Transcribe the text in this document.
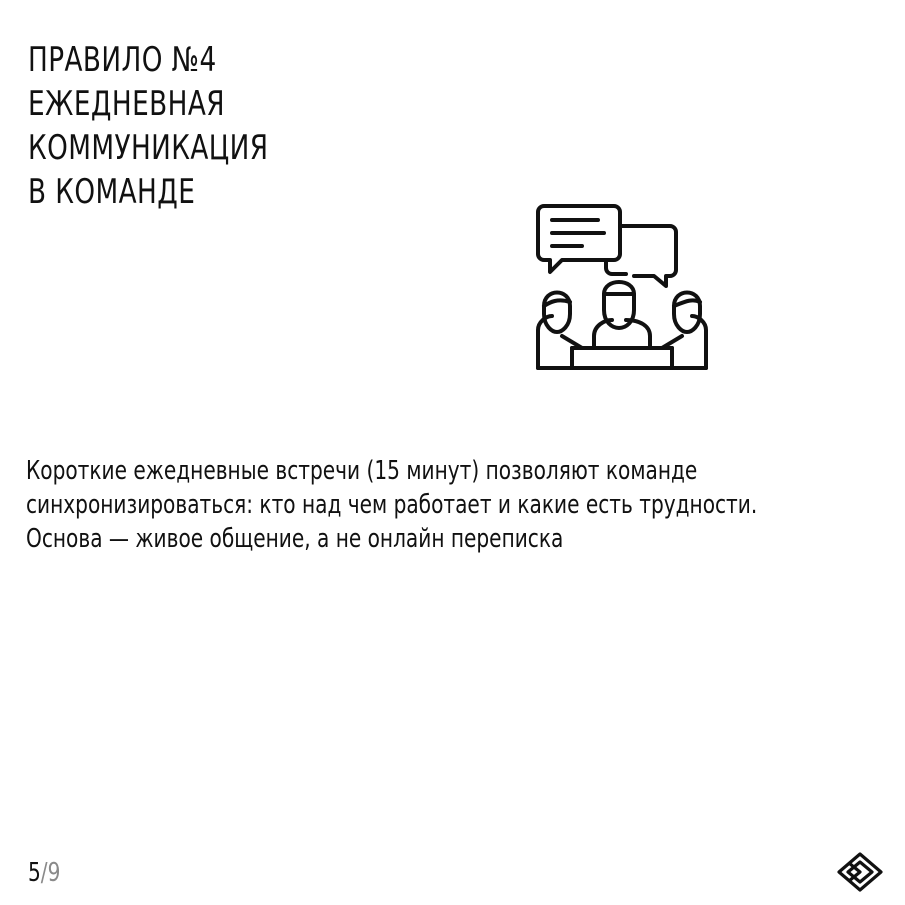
ПРАВИЛО №4
ЕЖЕДНЕВНАЯ
КОММУНИКАЦИЯ
В КОМАНДЕ

Короткие ежедневные встречи (15 минут) позволяют команде
синхронизироваться: кто над чем работает и какие есть трудности.
Основа — живое общение, а не онлайн переписка

5/9
